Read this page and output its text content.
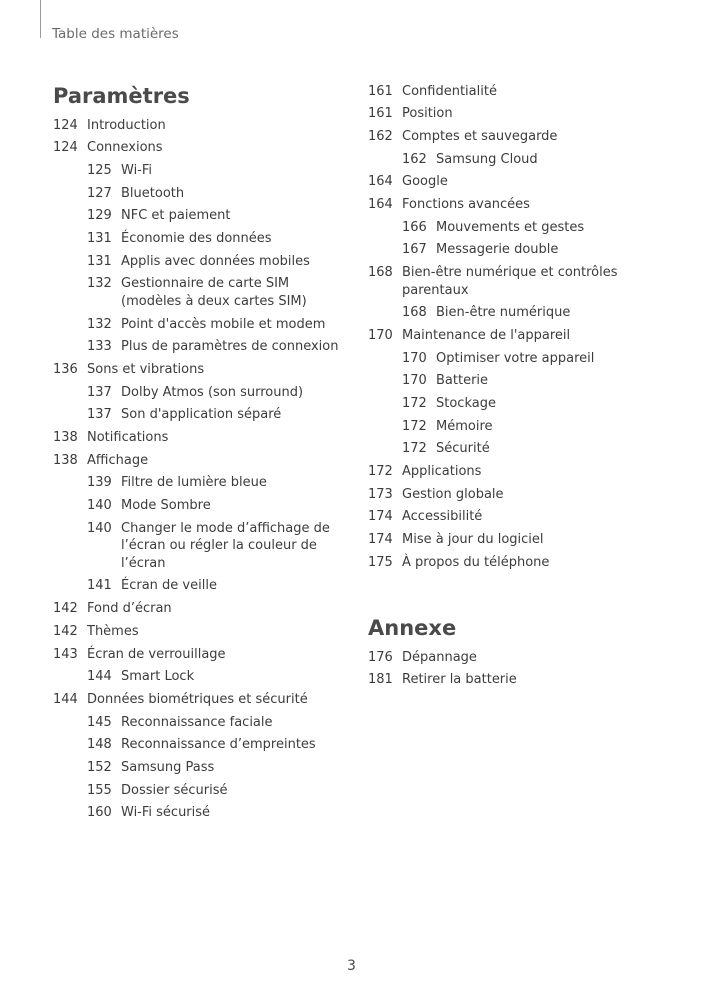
Table des matières
Paramètres
124 Introduction
124 Connexions
125 Wi-Fi
127 Bluetooth
129 NFC et paiement
131 Économie des données
131 Applis avec données mobiles
132 Gestionnaire de carte SIM (modèles à deux cartes SIM)
132 Point d'accès mobile et modem
133 Plus de paramètres de connexion
136 Sons et vibrations
137 Dolby Atmos (son surround)
137 Son d'application séparé
138 Notifications
138 Affichage
139 Filtre de lumière bleue
140 Mode Sombre
140 Changer le mode d’affichage de l’écran ou régler la couleur de l’écran
141 Écran de veille
142 Fond d’écran
142 Thèmes
143 Écran de verrouillage
144 Smart Lock
144 Données biométriques et sécurité
145 Reconnaissance faciale
148 Reconnaissance d’empreintes
152 Samsung Pass
155 Dossier sécurisé
160 Wi-Fi sécurisé
161 Confidentialité
161 Position
162 Comptes et sauvegarde
162 Samsung Cloud
164 Google
164 Fonctions avancées
166 Mouvements et gestes
167 Messagerie double
168 Bien-être numérique et contrôles parentaux
168 Bien-être numérique
170 Maintenance de l'appareil
170 Optimiser votre appareil
170 Batterie
172 Stockage
172 Mémoire
172 Sécurité
172 Applications
173 Gestion globale
174 Accessibilité
174 Mise à jour du logiciel
175 À propos du téléphone
Annexe
176 Dépannage
181 Retirer la batterie
3
